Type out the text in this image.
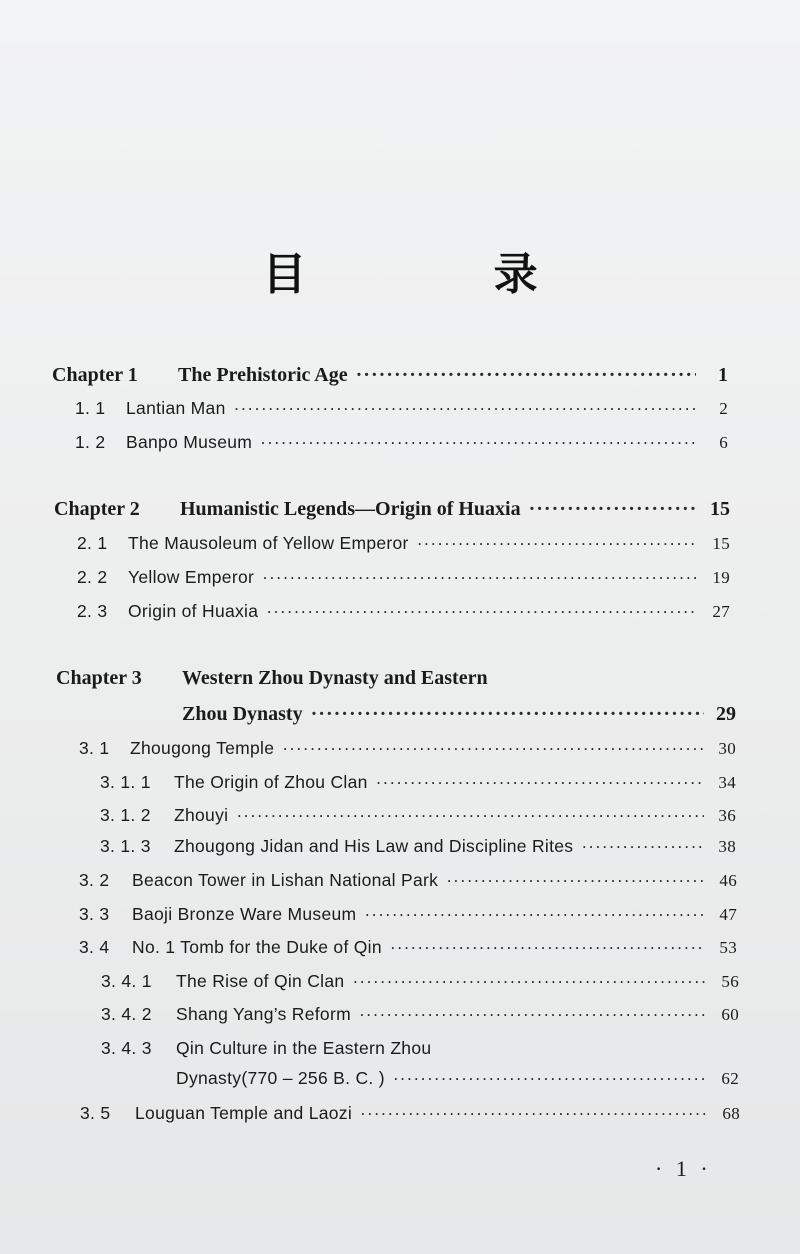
目 录
Chapter 1	The Prehistoric Age ·····	1
1. 1	Lantian Man ·····	2
1. 2	Banpo Museum ·····	6
Chapter 2	Humanistic Legends—Origin of Huaxia ·····	15
2. 1	The Mausoleum of Yellow Emperor ·····	15
2. 2	Yellow Emperor ·····	19
2. 3	Origin of Huaxia ·····	27
Chapter 3	Western Zhou Dynasty and Eastern
Zhou Dynasty ·····	29
3. 1	Zhougong Temple ·····	30
3. 1. 1	The Origin of Zhou Clan ·····	34
3. 1. 2	Zhouyi ·····	36
3. 1. 3	Zhougong Jidan and His Law and Discipline Rites ·····	38
3. 2	Beacon Tower in Lishan National Park ·····	46
3. 3	Baoji Bronze Ware Museum ·····	47
3. 4	No. 1 Tomb for the Duke of Qin ·····	53
3. 4. 1	The Rise of Qin Clan ·····	56
3. 4. 2	Shang Yang’s Reform ·····	60
3. 4. 3	Qin Culture in the Eastern Zhou
Dynasty(770 – 256 B. C. ) ·····	62
3. 5	Louguan Temple and Laozi ·····	68
· 1 ·
